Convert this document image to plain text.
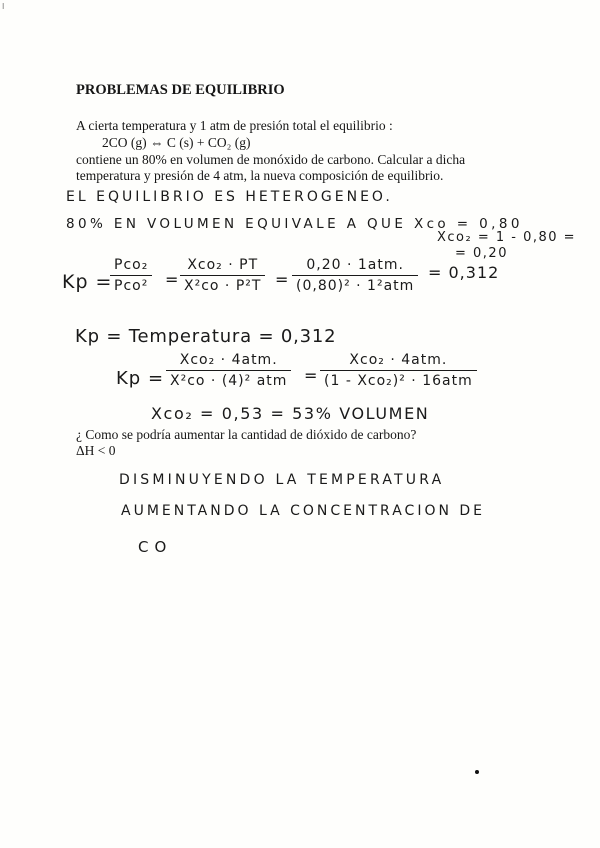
I
PROBLEMAS DE EQUILIBRIO
A cierta temperatura y 1 atm de presión total el equilibrio :
2CO (g) ⇔ C (s) + CO₂ (g)
contiene un 80% en volumen de monóxido de carbono. Calcular a dicha
temperatura y presión de 4 atm, la nueva composición de equilibrio.
EL EQUILIBRIO ES HETEROGENEO.
80% EN VOLUMEN EQUIVALE A QUE Xco = 0,80
Xco₂ = 1 - 0,80 =
= 0,20
Kp =
Pco₂
Pco² =
Xco₂ · PT
X²co · P²T =
0,20 · 1atm.
(0,80)² · 1²atm
= 0,312
Kp = Temperatura = 0,312
Kp =
Xco₂ · 4atm.
X²co · (4)² atm =
Xco₂ · 4atm.
(1 - Xco₂)² · 16atm
Xco₂ = 0,53 = 53% VOLUMEN
¿ Como se podría aumentar la cantidad de dióxido de carbono?
ΔH < 0
DISMINUYENDO LA TEMPERATURA
AUMENTANDO LA CONCENTRACION DE
CO
